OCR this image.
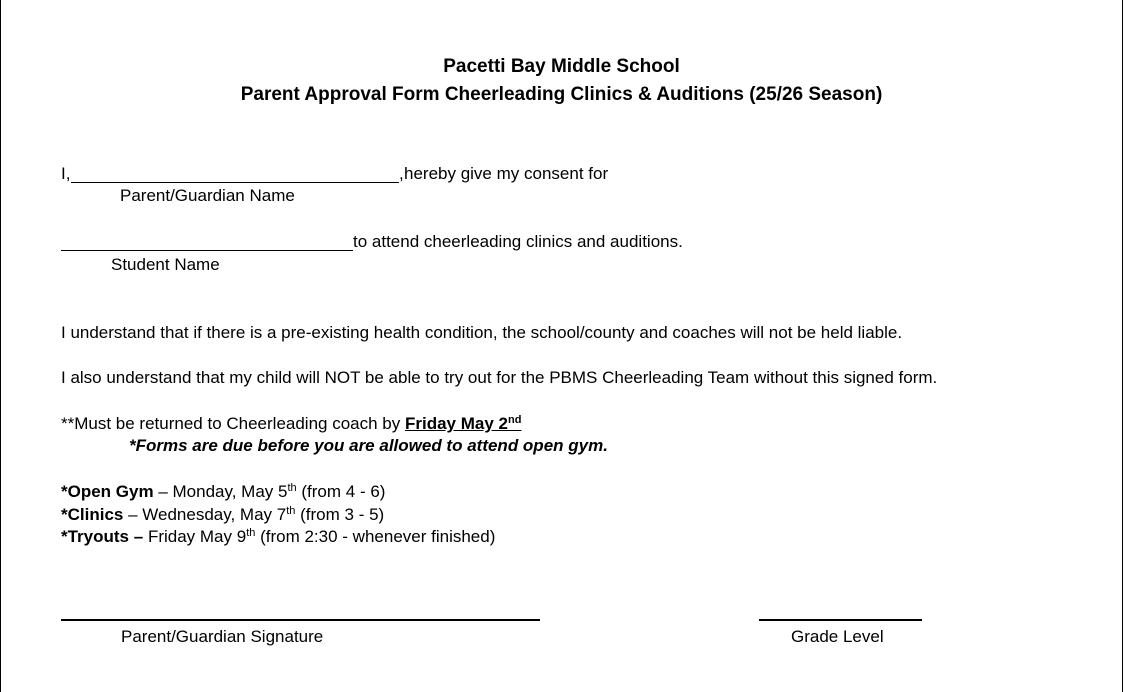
Pacetti Bay Middle School
Parent Approval Form Cheerleading Clinics & Auditions (25/26 Season)
I,	, hereby give my consent for
Parent/Guardian Name
to attend cheerleading clinics and auditions.
Student Name
I understand that if there is a pre-existing health condition, the school/county and coaches will not be held liable.
I also understand that my child will NOT be able to try out for the PBMS Cheerleading Team without this signed form.
**Must be returned to Cheerleading coach by Friday May 2nd
*Forms are due before you are allowed to attend open gym.
*Open Gym – Monday, May 5th (from 4 - 6)
*Clinics – Wednesday, May 7th (from 3 - 5)
*Tryouts – Friday May 9th (from 2:30 - whenever finished)
Parent/Guardian Signature	Grade Level
